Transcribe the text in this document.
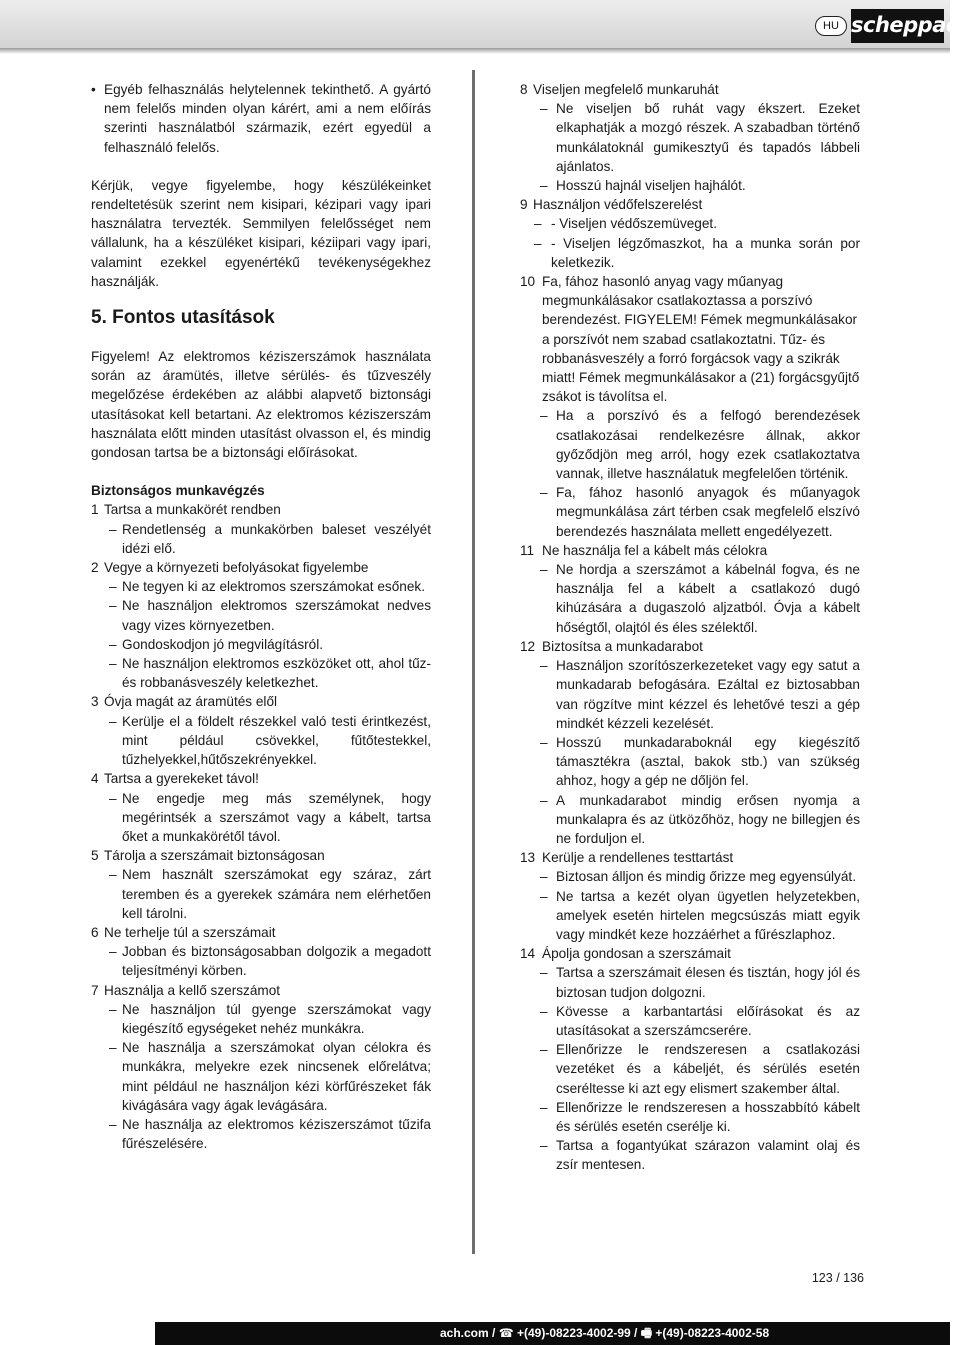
HU scheppach
• Egyéb felhasználás helytelennek tekinthető. A gyártó nem felelős minden olyan kárért, ami a nem előírás szerinti használatból származik, ezért egyedül a felhasználó felelős.

Kérjük, vegye figyelembe, hogy készülékeinket rendeltetésük szerint nem kisipari, kézipari vagy ipari használatra tervezték. Semmilyen felelősséget nem vállalunk, ha a készüléket kisipari, kéziipari vagy ipari, valamint ezekkel egyenértékű tevékenységekhez használják.

5. Fontos utasítások

Figyelem! Az elektromos kéziszerszámok használata során az áramütés, illetve sérülés- és tűzveszély megelőzése érdekében az alábbi alapvető biztonsági utasításokat kell betartani. Az elektromos kéziszerszám használata előtt minden utasítást olvasson el, és mindig gondosan tartsa be a biztonsági előírásokat.

Biztonságos munkavégzés
1 Tartsa a munkakörét rendben
– Rendetlenség a munkakörben baleset veszélyét idézi elő.
2 Vegye a környezeti befolyásokat figyelembe
– Ne tegyen ki az elektromos szerszámokat esőnek.
– Ne használjon elektromos szerszámokat nedves vagy vizes környezetben.
– Gondoskodjon jó megvilágításról.
– Ne használjon elektromos eszközöket ott, ahol tűz- és robbanásveszély keletkezhet.
3 Óvja magát az áramütés elől
– Kerülje el a földelt részekkel való testi érintkezést, mint például csövekkel, fűtőtestekkel, tűzhelyekkel,hűtőszekrényekkel.
4 Tartsa a gyerekeket távol!
– Ne engedje meg más személynek, hogy megérintsék a szerszámot vagy a kábelt, tartsa őket a munkakörétől távol.
5 Tárolja a szerszámait biztonságosan
– Nem használt szerszámokat egy száraz, zárt teremben és a gyerekek számára nem elérhetően kell tárolni.
6 Ne terhelje túl a szerszámait
– Jobban és biztonságosabban dolgozik a megadott teljesítményi körben.
7 Használja a kellő szerszámot
– Ne használjon túl gyenge szerszámokat vagy kiegészítő egységeket nehéz munkákra.
– Ne használja a szerszámokat olyan célokra és munkákra, melyekre ezek nincsenek előrelátva; mint például ne használjon kézi körfűrészeket fák kivágására vagy ágak levágására.
– Ne használja az elektromos kéziszerszámot tűzifa fűrészelésére.
8 Viseljen megfelelő munkaruhát
– Ne viseljen bő ruhát vagy ékszert. Ezeket elkaphatják a mozgó részek. A szabadban történő munkálatoknál gumikesztyű és tapadós lábbeli ajánlatos.
– Hosszú hajnál viseljen hajhálót.
9 Használjon védőfelszerelést
– - Viseljen védőszemüveget.
– - Viseljen légzőmaszkot, ha a munka során por keletkezik.
10 Fa, fához hasonló anyag vagy műanyag megmunkálásakor csatlakoztassa a porszívó berendezést. FIGYELEM! Fémek megmunkálásakor a porszívót nem szabad csatlakoztatni. Tűz- és robbanásveszély a forró forgácsok vagy a szikrák miatt! Fémek megmunkálásakor a (21) forgácsgyűjtő zsákot is távolítsa el.
– Ha a porszívó és a felfogó berendezések csatlakozásai rendelkezésre állnak, akkor győződjön meg arról, hogy ezek csatlakoztatva vannak, illetve használatuk megfelelően történik.
– Fa, fához hasonló anyagok és műanyagok megmunkálása zárt térben csak megfelelő elszívó berendezés használata mellett engedélyezett.
11 Ne használja fel a kábelt más célokra
– Ne hordja a szerszámot a kábelnál fogva, és ne használja fel a kábelt a csatlakozó dugó kihúzására a dugaszoló aljzatból. Óvja a kábelt hőségtől, olajtól és éles szélektől.
12 Biztosítsa a munkadarabot
– Használjon szorítószerkezeteket vagy egy satut a munkadarab befogására. Ezáltal ez biztosabban van rögzítve mint kézzel és lehetővé teszi a gép mindkét kézzeli kezelését.
– Hosszú munkadaraboknál egy kiegészítő támasztékra (asztal, bakok stb.) van szükség ahhoz, hogy a gép ne dőljön fel.
– A munkadarabot mindig erősen nyomja a munkalapra és az ütközőhöz, hogy ne billegjen és ne forduljon el.
13 Kerülje a rendellenes testtartást
– Biztosan álljon és mindig őrizze meg egyensúlyát.
– Ne tartsa a kezét olyan ügyetlen helyzetekben, amelyek esetén hirtelen megcsúszás miatt egyik vagy mindkét keze hozzáérhet a fűrészlaphoz.
14 Ápolja gondosan a szerszámait
– Tartsa a szerszámait élesen és tisztán, hogy jól és biztosan tudjon dolgozni.
– Kövesse a karbantartási előírásokat és az utasításokat a szerszámcserére.
– Ellenőrizze le rendszeresen a csatlakozási vezetéket és a kábeljét, és sérülés esetén cseréltesse ki azt egy elismert szakember által.
– Ellenőrizze le rendszeresen a hosszabbító kábelt és sérülés esetén cserélje ki.
– Tartsa a fogantyúkat szárazon valamint olaj és zsír mentesen.
123 / 136
ach.com / ☎ +(49)-08223-4002-99 / 🖷 +(49)-08223-4002-58
